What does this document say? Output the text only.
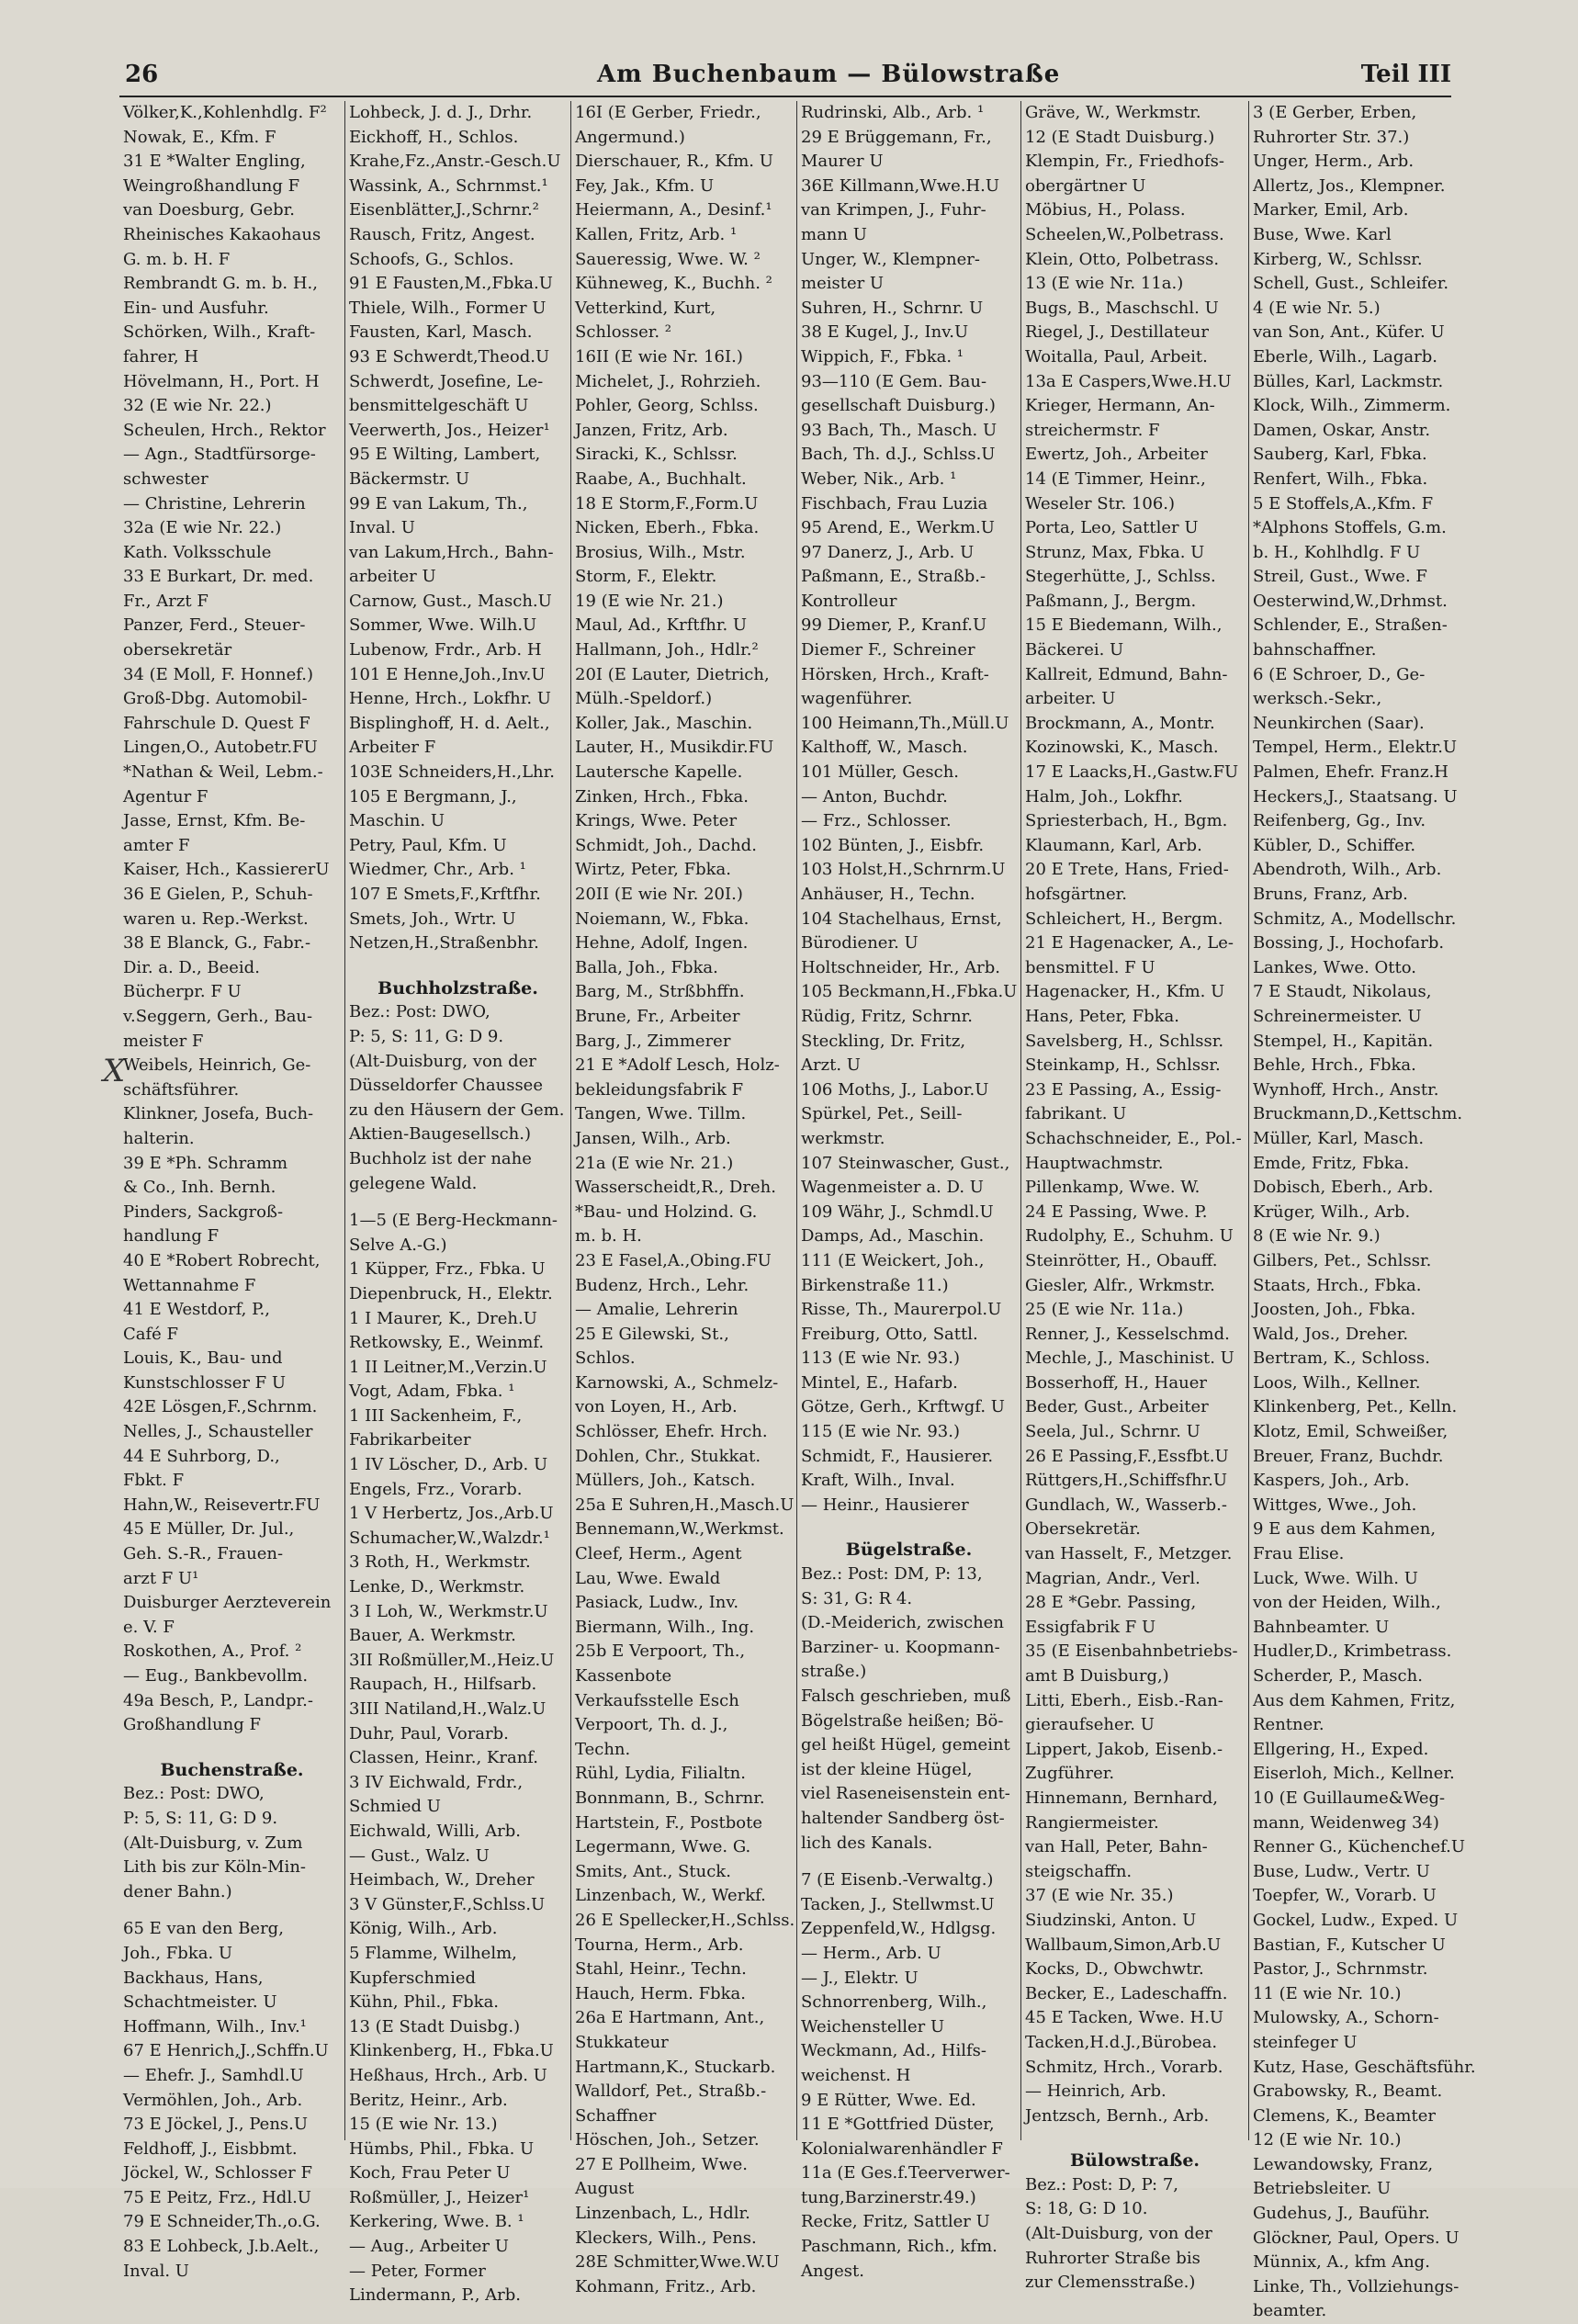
26	Am Buchenbaum — Bülowstraße	Teil III
X
Völker,K.,Kohlenhdlg. F²
Nowak, E., Kfm. F
31 E *Walter Engling,
Weingroßhandlung F
van Doesburg, Gebr.
Rheinisches Kakaohaus
G. m. b. H. F
Rembrandt G. m. b. H.,
Ein- und Ausfuhr.
Schörken, Wilh., Kraft-
fahrer, H
Hövelmann, H., Port. H
32 (E wie Nr. 22.)
Scheulen, Hrch., Rektor
— Agn., Stadtfürsorge-
schwester
— Christine, Lehrerin
32a (E wie Nr. 22.)
Kath. Volksschule
33 E Burkart, Dr. med.
Fr., Arzt F
Panzer, Ferd., Steuer-
obersekretär
34 (E Moll, F. Honnef.)
Groß-Dbg. Automobil-
Fahrschule D. Quest F
Lingen,O., Autobetr.FU
*Nathan & Weil, Lebm.-
Agentur F
Jasse, Ernst, Kfm. Be-
amter F
Kaiser, Hch., KassiererU
36 E Gielen, P., Schuh-
waren u. Rep.-Werkst.
38 E Blanck, G., Fabr.-
Dir. a. D., Beeid.
Bücherpr. F U
v.Seggern, Gerh., Bau-
meister F
Weibels, Heinrich, Ge-
schäftsführer.
Klinkner, Josefa, Buch-
halterin.
39 E *Ph. Schramm
& Co., Inh. Bernh.
Pinders, Sackgroß-
handlung F
40 E *Robert Robrecht,
Wettannahme F
41 E Westdorf, P.,
Café F
Louis, K., Bau- und
Kunstschlosser F U
42E Lösgen,F.,Schrnm.
Nelles, J., Schausteller
44 E Suhrborg, D.,
Fbkt. F
Hahn,W., Reisevertr.FU
45 E Müller, Dr. Jul.,
Geh. S.-R., Frauen-
arzt F U¹
Duisburger Aerzteverein
e. V. F
Roskothen, A., Prof. ²
— Eug., Bankbevollm.
49a Besch, P., Landpr.-
Großhandlung F
Buchenstraße.
Bez.: Post: DWO,
P: 5, S: 11, G: D 9.
(Alt-Duisburg, v. Zum
Lith bis zur Köln-Min-
dener Bahn.)
65 E van den Berg,
Joh., Fbka. U
Backhaus, Hans,
Schachtmeister. U
Hoffmann, Wilh., Inv.¹
67 E Henrich,J.,Schffn.U
— Ehefr. J., Samhdl.U
Vermöhlen, Joh., Arb.
73 E Jöckel, J., Pens.U
Feldhoff, J., Eisbbmt.
Jöckel, W., Schlosser F
75 E Peitz, Frz., Hdl.U
79 E Schneider,Th.,o.G.
83 E Lohbeck, J.b.Aelt.,
Inval. U
Lohbeck, J. d. J., Drhr.
Eickhoff, H., Schlos.
Krahe,Fz.,Anstr.-Gesch.U
Wassink, A., Schrnmst.¹
Eisenblätter,J.,Schrnr.²
Rausch, Fritz, Angest.
Schoofs, G., Schlos.
91 E Fausten,M.,Fbka.U
Thiele, Wilh., Former U
Fausten, Karl, Masch.
93 E Schwerdt,Theod.U
Schwerdt, Josefine, Le-
bensmittelgeschäft U
Veerwerth, Jos., Heizer¹
95 E Wilting, Lambert,
Bäckermstr. U
99 E van Lakum, Th.,
Inval. U
van Lakum,Hrch., Bahn-
arbeiter U
Carnow, Gust., Masch.U
Sommer, Wwe. Wilh.U
Lubenow, Frdr., Arb. H
101 E Henne,Joh.,Inv.U
Henne, Hrch., Lokfhr. U
Bisplinghoff, H. d. Aelt.,
Arbeiter F
103E Schneiders,H.,Lhr.
105 E Bergmann, J.,
Maschin. U
Petry, Paul, Kfm. U
Wiedmer, Chr., Arb. ¹
107 E Smets,F.,Krftfhr.
Smets, Joh., Wrtr. U
Netzen,H.,Straßenbhr.
Buchholzstraße.
Bez.: Post: DWO,
P: 5, S: 11, G: D 9.
(Alt-Duisburg, von der
Düsseldorfer Chaussee
zu den Häusern der Gem.
Aktien-Baugesellsch.)
Buchholz ist der nahe
gelegene Wald.
1—5 (E Berg-Heckmann-
Selve A.-G.)
1 Küpper, Frz., Fbka. U
Diepenbruck, H., Elektr.
1 I Maurer, K., Dreh.U
Retkowsky, E., Weinmf.
1 II Leitner,M.,Verzin.U
Vogt, Adam, Fbka. ¹
1 III Sackenheim, F.,
Fabrikarbeiter
1 IV Löscher, D., Arb. U
Engels, Frz., Vorarb.
1 V Herbertz, Jos.,Arb.U
Schumacher,W.,Walzdr.¹
3 Roth, H., Werkmstr.
Lenke, D., Werkmstr.
3 I Loh, W., Werkmstr.U
Bauer, A. Werkmstr.
3II Roßmüller,M.,Heiz.U
Raupach, H., Hilfsarb.
3III Natiland,H.,Walz.U
Duhr, Paul, Vorarb.
Classen, Heinr., Kranf.
3 IV Eichwald, Frdr.,
Schmied U
Eichwald, Willi, Arb.
— Gust., Walz. U
Heimbach, W., Dreher
3 V Günster,F.,Schlss.U
König, Wilh., Arb.
5 Flamme, Wilhelm,
Kupferschmied
Kühn, Phil., Fbka.
13 (E Stadt Duisbg.)
Klinkenberg, H., Fbka.U
Heßhaus, Hrch., Arb. U
Beritz, Heinr., Arb.
15 (E wie Nr. 13.)
Hümbs, Phil., Fbka. U
Koch, Frau Peter U
Roßmüller, J., Heizer¹
Kerkering, Wwe. B. ¹
— Aug., Arbeiter U
— Peter, Former
Lindermann, P., Arb.
16I (E Gerber, Friedr.,
Angermund.)
Dierschauer, R., Kfm. U
Fey, Jak., Kfm. U
Heiermann, A., Desinf.¹
Kallen, Fritz, Arb. ¹
Saueressig, Wwe. W. ²
Kühneweg, K., Buchh. ²
Vetterkind, Kurt,
Schlosser. ²
16II (E wie Nr. 16I.)
Michelet, J., Rohrzieh.
Pohler, Georg, Schlss.
Janzen, Fritz, Arb.
Siracki, K., Schlssr.
Raabe, A., Buchhalt.
18 E Storm,F.,Form.U
Nicken, Eberh., Fbka.
Brosius, Wilh., Mstr.
Storm, F., Elektr.
19 (E wie Nr. 21.)
Maul, Ad., Krftfhr. U
Hallmann, Joh., Hdlr.²
20I (E Lauter, Dietrich,
Mülh.-Speldorf.)
Koller, Jak., Maschin.
Lauter, H., Musikdir.FU
Lautersche Kapelle.
Zinken, Hrch., Fbka.
Krings, Wwe. Peter
Schmidt, Joh., Dachd.
Wirtz, Peter, Fbka.
20II (E wie Nr. 20I.)
Noiemann, W., Fbka.
Hehne, Adolf, Ingen.
Balla, Joh., Fbka.
Barg, M., Strßbhffn.
Brune, Fr., Arbeiter
Barg, J., Zimmerer
21 E *Adolf Lesch, Holz-
bekleidungsfabrik F
Tangen, Wwe. Tillm.
Jansen, Wilh., Arb.
21a (E wie Nr. 21.)
Wasserscheidt,R., Dreh.
*Bau- und Holzind. G.
m. b. H.
23 E Fasel,A.,Obing.FU
Budenz, Hrch., Lehr.
— Amalie, Lehrerin
25 E Gilewski, St.,
Schlos.
Karnowski, A., Schmelz-
von Loyen, H., Arb.
Schlösser, Ehefr. Hrch.
Dohlen, Chr., Stukkat.
Müllers, Joh., Katsch.
25a E Suhren,H.,Masch.U
Bennemann,W.,Werkmst.
Cleef, Herm., Agent
Lau, Wwe. Ewald
Pasiack, Ludw., Inv.
Biermann, Wilh., Ing.
25b E Verpoort, Th.,
Kassenbote
Verkaufsstelle Esch
Verpoort, Th. d. J.,
Techn.
Rühl, Lydia, Filialtn.
Bonnmann, B., Schrnr.
Hartstein, F., Postbote
Legermann, Wwe. G.
Smits, Ant., Stuck.
Linzenbach, W., Werkf.
26 E Spellecker,H.,Schlss.
Tourna, Herm., Arb.
Stahl, Heinr., Techn.
Hauch, Herm. Fbka.
26a E Hartmann, Ant.,
Stukkateur
Hartmann,K., Stuckarb.
Walldorf, Pet., Straßb.-
Schaffner
Höschen, Joh., Setzer.
27 E Pollheim, Wwe.
August
Linzenbach, L., Hdlr.
Kleckers, Wilh., Pens.
28E Schmitter,Wwe.W.U
Kohmann, Fritz., Arb.
Rudrinski, Alb., Arb. ¹
29 E Brüggemann, Fr.,
Maurer U
36E Killmann,Wwe.H.U
van Krimpen, J., Fuhr-
mann U
Unger, W., Klempner-
meister U
Suhren, H., Schrnr. U
38 E Kugel, J., Inv.U
Wippich, F., Fbka. ¹
93—110 (E Gem. Bau-
gesellschaft Duisburg.)
93 Bach, Th., Masch. U
Bach, Th. d.J., Schlss.U
Weber, Nik., Arb. ¹
Fischbach, Frau Luzia
95 Arend, E., Werkm.U
97 Danerz, J., Arb. U
Paßmann, E., Straßb.-
Kontrolleur
99 Diemer, P., Kranf.U
Diemer F., Schreiner
Hörsken, Hrch., Kraft-
wagenführer.
100 Heimann,Th.,Müll.U
Kalthoff, W., Masch.
101 Müller, Gesch.
— Anton, Buchdr.
— Frz., Schlosser.
102 Bünten, J., Eisbfr.
103 Holst,H.,Schrnrm.U
Anhäuser, H., Techn.
104 Stachelhaus, Ernst,
Bürodiener. U
Holtschneider, Hr., Arb.
105 Beckmann,H.,Fbka.U
Rüdig, Fritz, Schrnr.
Steckling, Dr. Fritz,
Arzt. U
106 Moths, J., Labor.U
Spürkel, Pet., Seill-
werkmstr.
107 Steinwascher, Gust.,
Wagenmeister a. D. U
109 Währ, J., Schmdl.U
Damps, Ad., Maschin.
111 (E Weickert, Joh.,
Birkenstraße 11.)
Risse, Th., Maurerpol.U
Freiburg, Otto, Sattl.
113 (E wie Nr. 93.)
Mintel, E., Hafarb.
Götze, Gerh., Krftwgf. U
115 (E wie Nr. 93.)
Schmidt, F., Hausierer.
Kraft, Wilh., Inval.
— Heinr., Hausierer
Bügelstraße.
Bez.: Post: DM, P: 13,
S: 31, G: R 4.
(D.-Meiderich, zwischen
Barziner- u. Koopmann-
straße.)
Falsch geschrieben, muß
Bögelstraße heißen; Bö-
gel heißt Hügel, gemeint
ist der kleine Hügel,
viel Raseneisenstein ent-
haltender Sandberg öst-
lich des Kanals.
7 (E Eisenb.-Verwaltg.)
Tacken, J., Stellwmst.U
Zeppenfeld,W., Hdlgsg.
— Herm., Arb. U
— J., Elektr. U
Schnorrenberg, Wilh.,
Weichensteller U
Weckmann, Ad., Hilfs-
weichenst. H
9 E Rütter, Wwe. Ed.
11 E *Gottfried Düster,
Kolonialwarenhändler F
11a (E Ges.f.Teerverwer-
tung,Barzinerstr.49.)
Recke, Fritz, Sattler U
Paschmann, Rich., kfm.
Angest.
Gräve, W., Werkmstr.
12 (E Stadt Duisburg.)
Klempin, Fr., Friedhofs-
obergärtner U
Möbius, H., Polass.
Scheelen,W.,Polbetrass.
Klein, Otto, Polbetrass.
13 (E wie Nr. 11a.)
Bugs, B., Maschschl. U
Riegel, J., Destillateur
Woitalla, Paul, Arbeit.
13a E Caspers,Wwe.H.U
Krieger, Hermann, An-
streichermstr. F
Ewertz, Joh., Arbeiter
14 (E Timmer, Heinr.,
Weseler Str. 106.)
Porta, Leo, Sattler U
Strunz, Max, Fbka. U
Stegerhütte, J., Schlss.
Paßmann, J., Bergm.
15 E Biedemann, Wilh.,
Bäckerei. U
Kallreit, Edmund, Bahn-
arbeiter. U
Brockmann, A., Montr.
Kozinowski, K., Masch.
17 E Laacks,H.,Gastw.FU
Halm, Joh., Lokfhr.
Spriesterbach, H., Bgm.
Klaumann, Karl, Arb.
20 E Trete, Hans, Fried-
hofsgärtner.
Schleichert, H., Bergm.
21 E Hagenacker, A., Le-
bensmittel. F U
Hagenacker, H., Kfm. U
Hans, Peter, Fbka.
Savelsberg, H., Schlssr.
Steinkamp, H., Schlssr.
23 E Passing, A., Essig-
fabrikant. U
Schachschneider, E., Pol.-
Hauptwachmstr.
Pillenkamp, Wwe. W.
24 E Passing, Wwe. P.
Rudolphy, E., Schuhm. U
Steinrötter, H., Obauff.
Giesler, Alfr., Wrkmstr.
25 (E wie Nr. 11a.)
Renner, J., Kesselschmd.
Mechle, J., Maschinist. U
Bosserhoff, H., Hauer
Beder, Gust., Arbeiter
Seela, Jul., Schrnr. U
26 E Passing,F.,Essfbt.U
Rüttgers,H.,Schiffsfhr.U
Gundlach, W., Wasserb.-
Obersekretär.
van Hasselt, F., Metzger.
Magrian, Andr., Verl.
28 E *Gebr. Passing,
Essigfabrik F U
35 (E Eisenbahnbetriebs-
amt B Duisburg,)
Litti, Eberh., Eisb.-Ran-
gieraufseher. U
Lippert, Jakob, Eisenb.-
Zugführer.
Hinnemann, Bernhard,
Rangiermeister.
van Hall, Peter, Bahn-
steigschaffn.
37 (E wie Nr. 35.)
Siudzinski, Anton. U
Wallbaum,Simon,Arb.U
Kocks, D., Obwchwtr.
Becker, E., Ladeschaffn.
45 E Tacken, Wwe. H.U
Tacken,H.d.J.,Bürobea.
Schmitz, Hrch., Vorarb.
— Heinrich, Arb.
Jentzsch, Bernh., Arb.
Bülowstraße.
Bez.: Post: D, P: 7,
S: 18, G: D 10.
(Alt-Duisburg, von der
Ruhrorter Straße bis
zur Clemensstraße.)
3 (E Gerber, Erben,
Ruhrorter Str. 37.)
Unger, Herm., Arb.
Allertz, Jos., Klempner.
Marker, Emil, Arb.
Buse, Wwe. Karl
Kirberg, W., Schlssr.
Schell, Gust., Schleifer.
4 (E wie Nr. 5.)
van Son, Ant., Küfer. U
Eberle, Wilh., Lagarb.
Bülles, Karl, Lackmstr.
Klock, Wilh., Zimmerm.
Damen, Oskar, Anstr.
Sauberg, Karl, Fbka.
Renfert, Wilh., Fbka.
5 E Stoffels,A.,Kfm. F
*Alphons Stoffels, G.m.
b. H., Kohlhdlg. F U
Streil, Gust., Wwe. F
Oesterwind,W.,Drhmst.
Schlender, E., Straßen-
bahnschaffner.
6 (E Schroer, D., Ge-
werksch.-Sekr.,
Neunkirchen (Saar).
Tempel, Herm., Elektr.U
Palmen, Ehefr. Franz.H
Heckers,J., Staatsang. U
Reifenberg, Gg., Inv.
Kübler, D., Schiffer.
Abendroth, Wilh., Arb.
Bruns, Franz, Arb.
Schmitz, A., Modellschr.
Bossing, J., Hochofarb.
Lankes, Wwe. Otto.
7 E Staudt, Nikolaus,
Schreinermeister. U
Stempel, H., Kapitän.
Behle, Hrch., Fbka.
Wynhoff, Hrch., Anstr.
Bruckmann,D.,Kettschm.
Müller, Karl, Masch.
Emde, Fritz, Fbka.
Dobisch, Eberh., Arb.
Krüger, Wilh., Arb.
8 (E wie Nr. 9.)
Gilbers, Pet., Schlssr.
Staats, Hrch., Fbka.
Joosten, Joh., Fbka.
Wald, Jos., Dreher.
Bertram, K., Schloss.
Loos, Wilh., Kellner.
Klinkenberg, Pet., Kelln.
Klotz, Emil, Schweißer,
Breuer, Franz, Buchdr.
Kaspers, Joh., Arb.
Wittges, Wwe., Joh.
9 E aus dem Kahmen,
Frau Elise.
Luck, Wwe. Wilh. U
von der Heiden, Wilh.,
Bahnbeamter. U
Hudler,D., Krimbetrass.
Scherder, P., Masch.
Aus dem Kahmen, Fritz,
Rentner.
Ellgering, H., Exped.
Eiserloh, Mich., Kellner.
10 (E Guillaume&Weg-
mann, Weidenweg 34)
Renner G., Küchenchef.U
Buse, Ludw., Vertr. U
Toepfer, W., Vorarb. U
Gockel, Ludw., Exped. U
Bastian, F., Kutscher U
Pastor, J., Schrnmstr.
11 (E wie Nr. 10.)
Mulowsky, A., Schorn-
steinfeger U
Kutz, Hase, Geschäftsführ.
Grabowsky, R., Beamt.
Clemens, K., Beamter
12 (E wie Nr. 10.)
Lewandowsky, Franz,
Betriebsleiter. U
Gudehus, J., Bauführ.
Glöckner, Paul, Opers. U
Münnix, A., kfm Ang.
Linke, Th., Vollziehungs-
beamter.
